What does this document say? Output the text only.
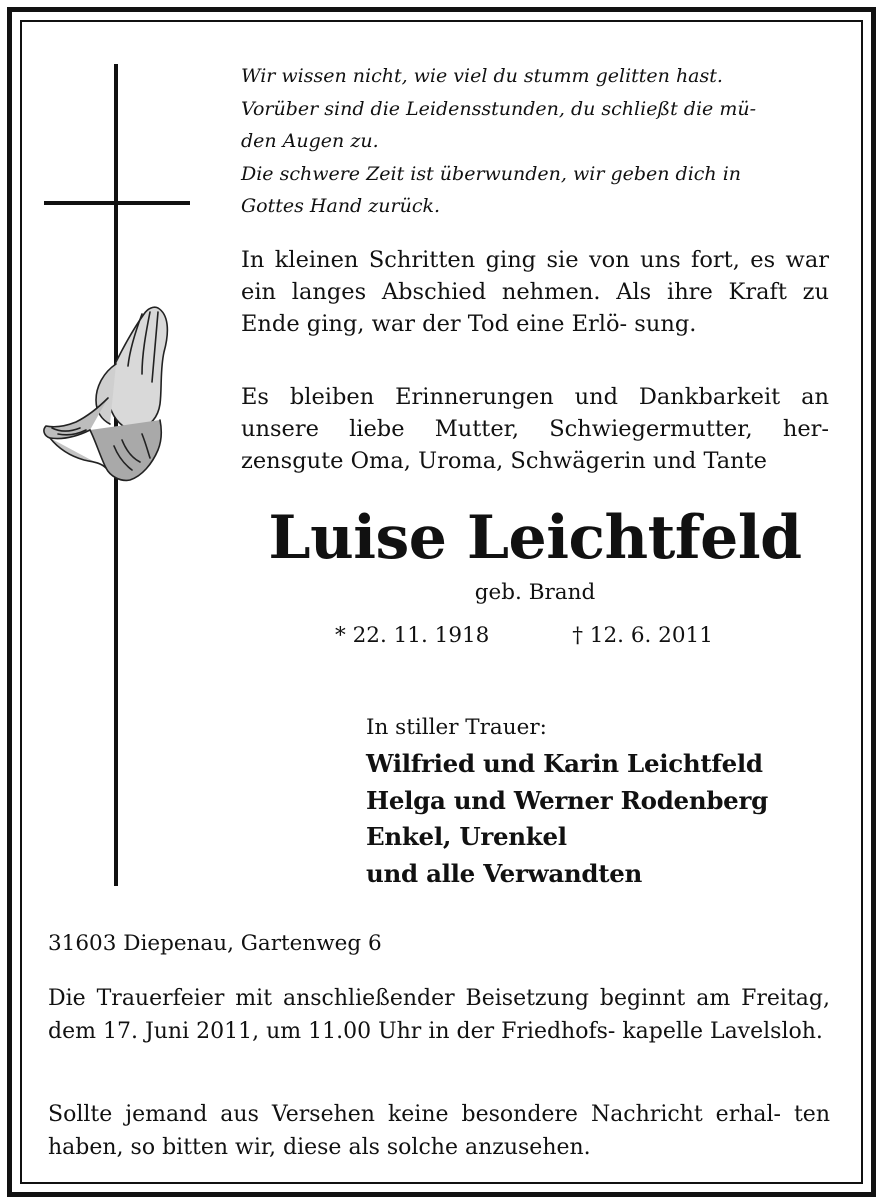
Wir wissen nicht, wie viel du stumm gelitten hast.

Vorüber sind die Leidensstunden, du schließt die mü-

den Augen zu.

Die schwere Zeit ist überwunden, wir geben dich in

Gottes Hand zurück.

In kleinen Schritten ging sie von uns fort, es war ein langes Abschied nehmen. Als ihre Kraft zu Ende ging, war der Tod eine Erlö- sung.
Es bleiben Erinnerungen und Dankbarkeit an unsere liebe Mutter, Schwiegermutter, her- zensgute Oma, Uroma, Schwägerin und Tante
Luise Leichtfeld
geb. Brand
* 22. 11. 1918	† 12. 6. 2011
In stiller Trauer:
Wilfried und Karin Leichtfeld
Helga und Werner Rodenberg
Enkel, Urenkel
und alle Verwandten
31603 Diepenau, Gartenweg 6
Die Trauerfeier mit anschließender Beisetzung beginnt am Freitag, dem 17. Juni 2011, um 11.00 Uhr in der Friedhofs- kapelle Lavelsloh.
Sollte jemand aus Versehen keine besondere Nachricht erhal- ten haben, so bitten wir, diese als solche anzusehen.
